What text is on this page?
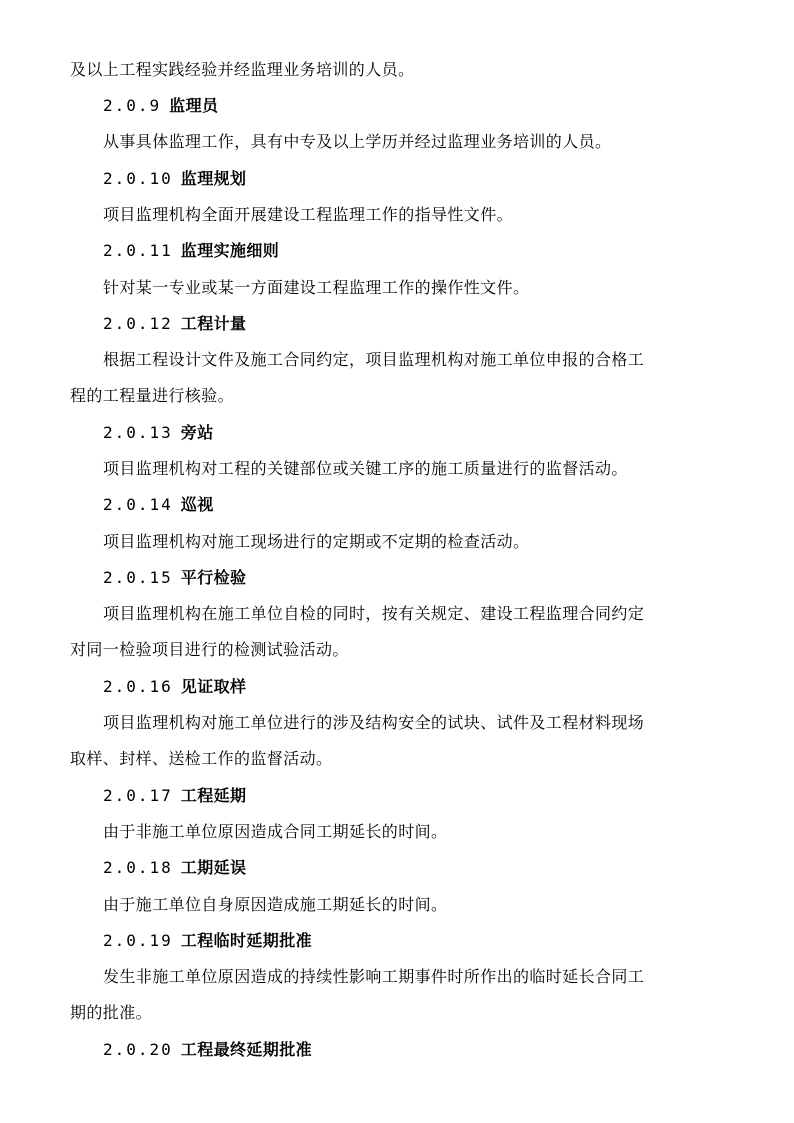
及以上工程实践经验并经监理业务培训的人员。
2.0.9 监理员
从事具体监理工作，具有中专及以上学历并经过监理业务培训的人员。
2.0.10 监理规划
项目监理机构全面开展建设工程监理工作的指导性文件。
2.0.11 监理实施细则
针对某一专业或某一方面建设工程监理工作的操作性文件。
2.0.12 工程计量
根据工程设计文件及施工合同约定，项目监理机构对施工单位申报的合格工
程的工程量进行核验。
2.0.13 旁站
项目监理机构对工程的关键部位或关键工序的施工质量进行的监督活动。
2.0.14 巡视
项目监理机构对施工现场进行的定期或不定期的检查活动。
2.0.15 平行检验
项目监理机构在施工单位自检的同时，按有关规定、建设工程监理合同约定
对同一检验项目进行的检测试验活动。
2.0.16 见证取样
项目监理机构对施工单位进行的涉及结构安全的试块、试件及工程材料现场
取样、封样、送检工作的监督活动。
2.0.17 工程延期
由于非施工单位原因造成合同工期延长的时间。
2.0.18 工期延误
由于施工单位自身原因造成施工期延长的时间。
2.0.19 工程临时延期批准
发生非施工单位原因造成的持续性影响工期事件时所作出的临时延长合同工
期的批准。
2.0.20 工程最终延期批准
